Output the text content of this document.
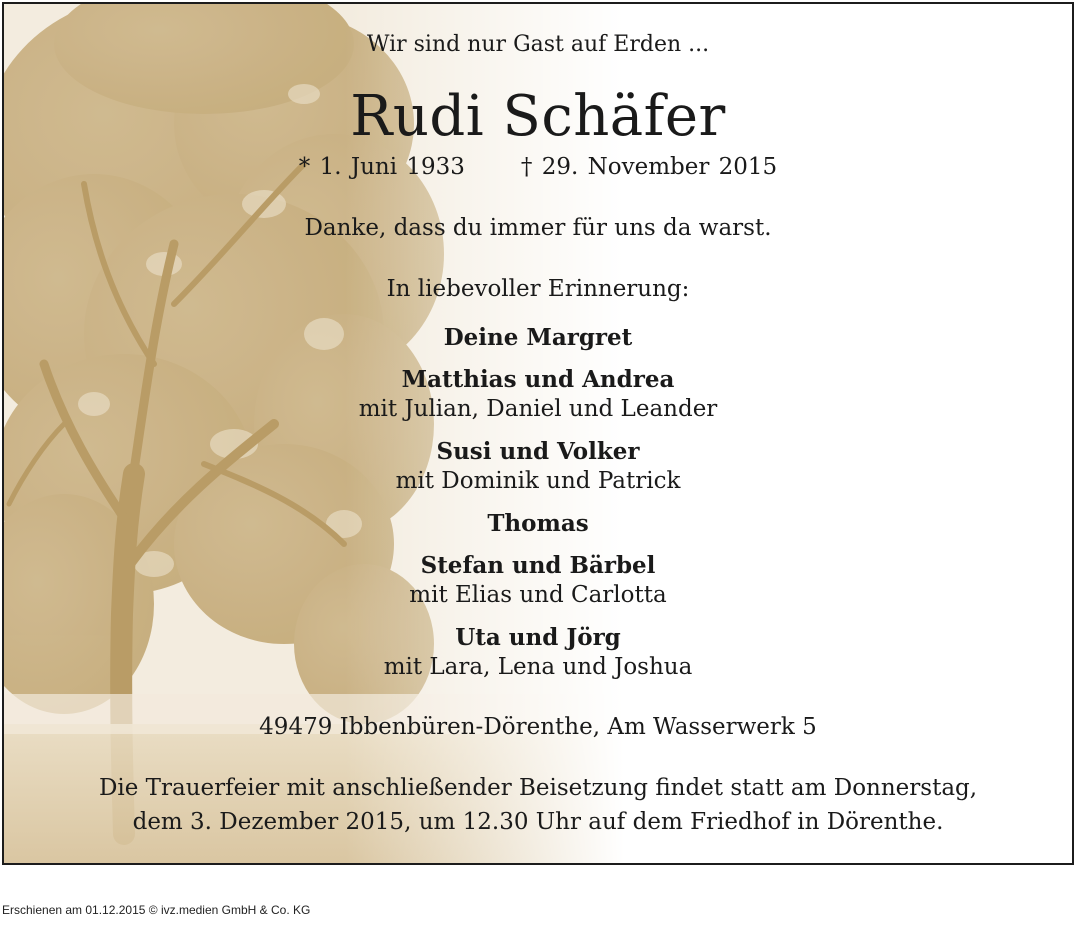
Wir sind nur Gast auf Erden ...
Rudi Schäfer
* 1. Juni 1933 † 29. November 2015
Danke, dass du immer für uns da warst.
In liebevoller Erinnerung:
Deine Margret
Matthias und Andrea
mit Julian, Daniel und Leander
Susi und Volker
mit Dominik und Patrick
Thomas
Stefan und Bärbel
mit Elias und Carlotta
Uta und Jörg
mit Lara, Lena und Joshua
49479 Ibbenbüren-Dörenthe, Am Wasserwerk 5
Die Trauerfeier mit anschließender Beisetzung findet statt am Donnerstag,
dem 3. Dezember 2015, um 12.30 Uhr auf dem Friedhof in Dörenthe.
Erschienen am 01.12.2015 © ivz.medien GmbH & Co. KG
